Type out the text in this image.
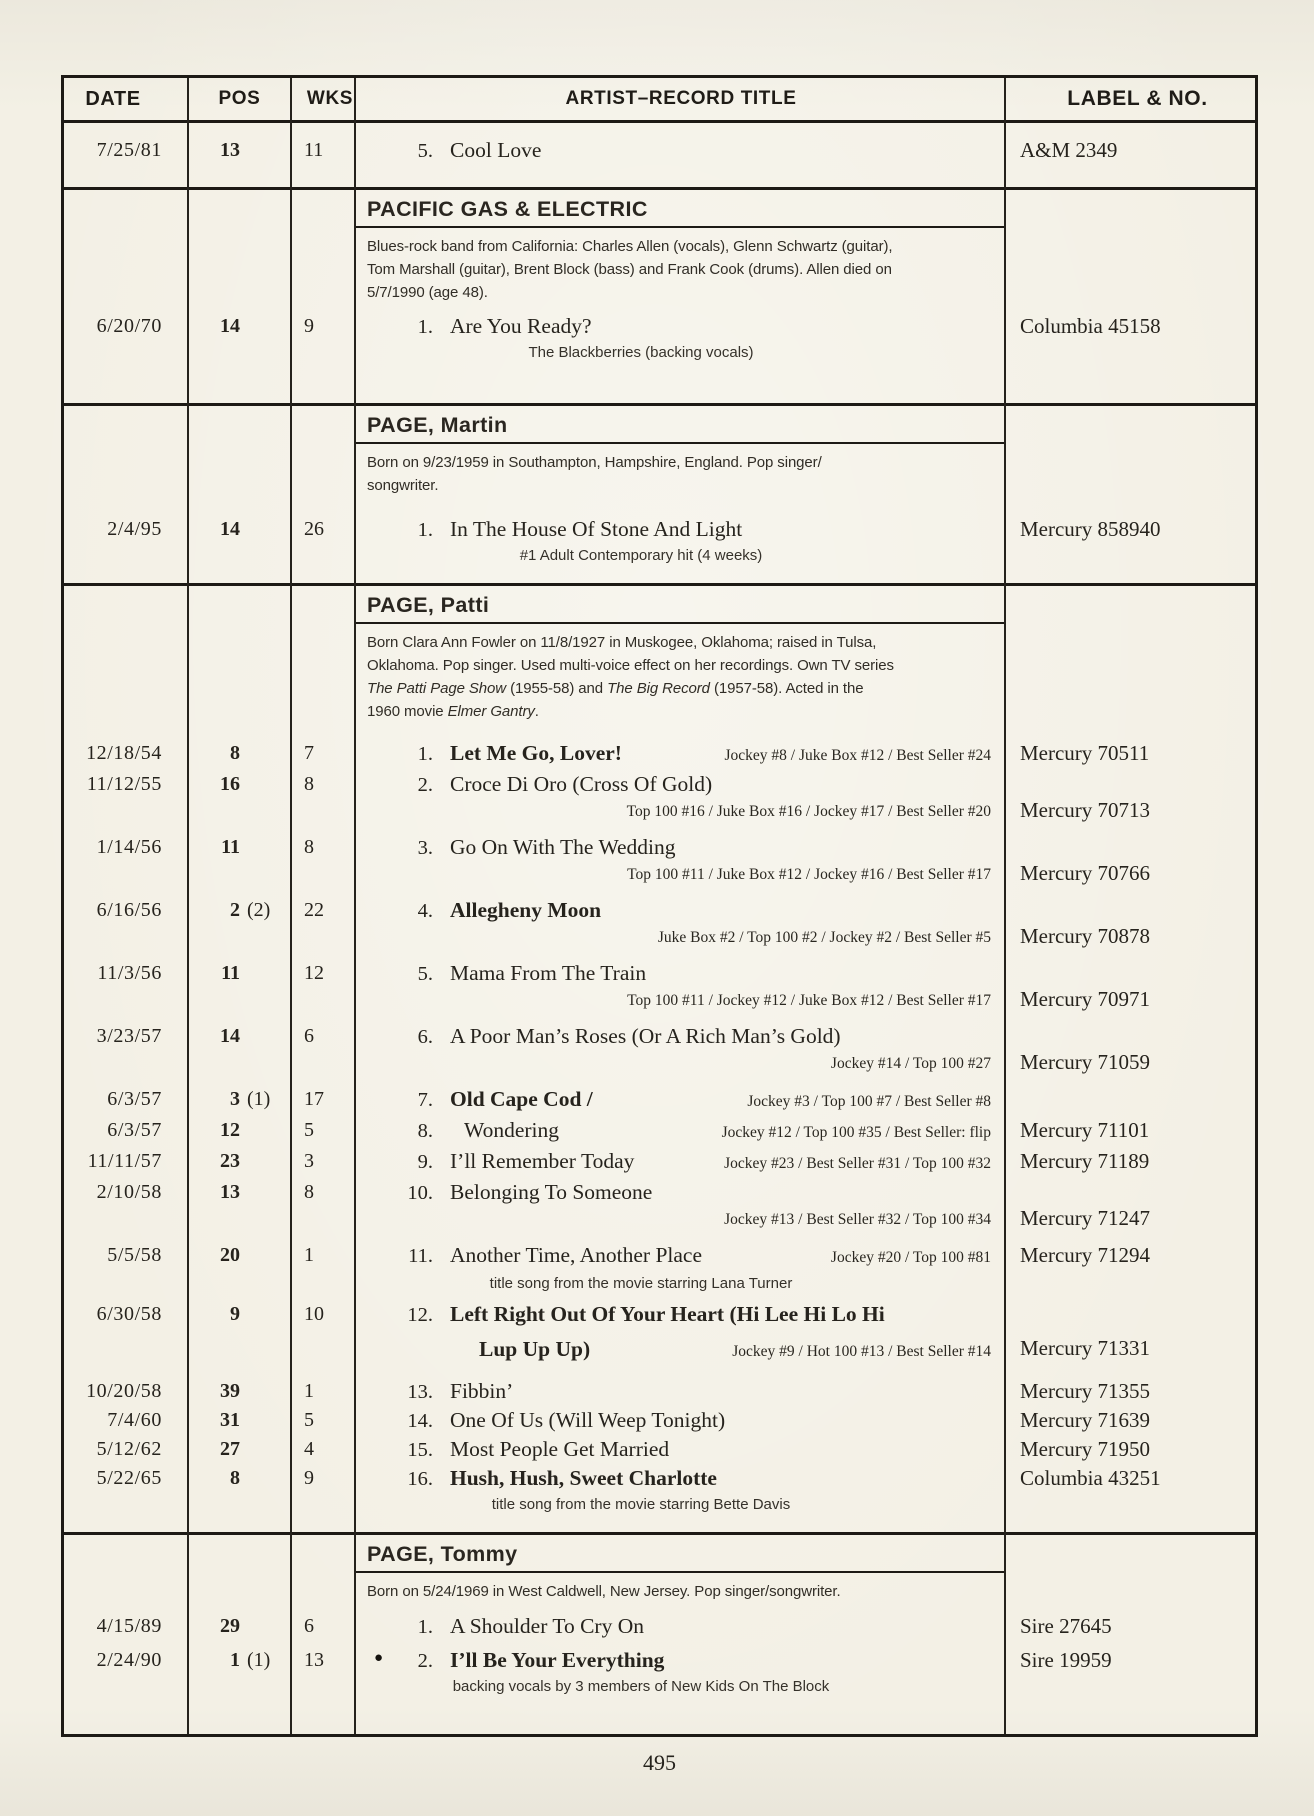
DATE	POS	WKS	ARTIST–RECORD TITLE	LABEL & NO.
7/25/81	13	11	5. Cool Love	A&M 2349
PACIFIC GAS & ELECTRIC
Blues-rock band from California: Charles Allen (vocals), Glenn Schwartz (guitar),
Tom Marshall (guitar), Brent Block (bass) and Frank Cook (drums). Allen died on
5/7/1990 (age 48).
6/20/70	14	9	1. Are You Ready?
The Blackberries (backing vocals)
Columbia 45158
PAGE, Martin
Born on 9/23/1959 in Southampton, Hampshire, England. Pop singer/
songwriter.
2/4/95	14	26	1. In The House Of Stone And Light
#1 Adult Contemporary hit (4 weeks)
Mercury 858940
PAGE, Patti
Born Clara Ann Fowler on 11/8/1927 in Muskogee, Oklahoma; raised in Tulsa,
Oklahoma. Pop singer. Used multi-voice effect on her recordings. Own TV series
The Patti Page Show (1955-58) and The Big Record (1957-58). Acted in the
1960 movie Elmer Gantry.
12/18/54	8	7	1. Let Me Go, Lover!	Jockey #8 / Juke Box #12 / Best Seller #24 Mercury 70511
11/12/55	16	8	2. Croce Di Oro (Cross Of Gold)
Top 100 #16 / Juke Box #16 / Jockey #17 / Best Seller #20 Mercury 70713
1/14/56	11	8	3. Go On With The Wedding
Top 100 #11 / Juke Box #12 / Jockey #16 / Best Seller #17 Mercury 70766
6/16/56	2 (2)	22	4. Allegheny Moon
Juke Box #2 / Top 100 #2 / Jockey #2 / Best Seller #5 Mercury 70878
11/3/56	11	12	5. Mama From The Train
Top 100 #11 / Jockey #12 / Juke Box #12 / Best Seller #17 Mercury 70971
3/23/57	14	6	6. A Poor Man’s Roses (Or A Rich Man’s Gold)
Jockey #14 / Top 100 #27 Mercury 71059
6/3/57	3 (1)	17	7. Old Cape Cod /	Jockey #3 / Top 100 #7 / Best Seller #8
6/3/57	12	5	8. Wondering	Jockey #12 / Top 100 #35 / Best Seller: flip Mercury 71101
11/11/57	23	3	9. I’ll Remember Today	Jockey #23 / Best Seller #31 / Top 100 #32 Mercury 71189
2/10/58	13	8	10. Belonging To Someone
Jockey #13 / Best Seller #32 / Top 100 #34 Mercury 71247
5/5/58	20	1	11. Another Time, Another Place	Jockey #20 / Top 100 #81
title song from the movie starring Lana Turner
Mercury 71294
6/30/58	9	10	12. Left Right Out Of Your Heart (Hi Lee Hi Lo Hi
Lup Up Up)	Jockey #9 / Hot 100 #13 / Best Seller #14 Mercury 71331
10/20/58	39	1	13. Fibbin’	Mercury 71355
7/4/60	31	5	14. One Of Us (Will Weep Tonight)	Mercury 71639
5/12/62	27	4	15. Most People Get Married	Mercury 71950
5/22/65	8	9	16. Hush, Hush, Sweet Charlotte
title song from the movie starring Bette Davis
Columbia 43251
PAGE, Tommy
Born on 5/24/1969 in West Caldwell, New Jersey. Pop singer/songwriter.
4/15/89	29	6	1. A Shoulder To Cry On	Sire 27645
2/24/90	1 (1)	13	●	2. I’ll Be Your Everything
backing vocals by 3 members of New Kids On The Block
Sire 19959
495
